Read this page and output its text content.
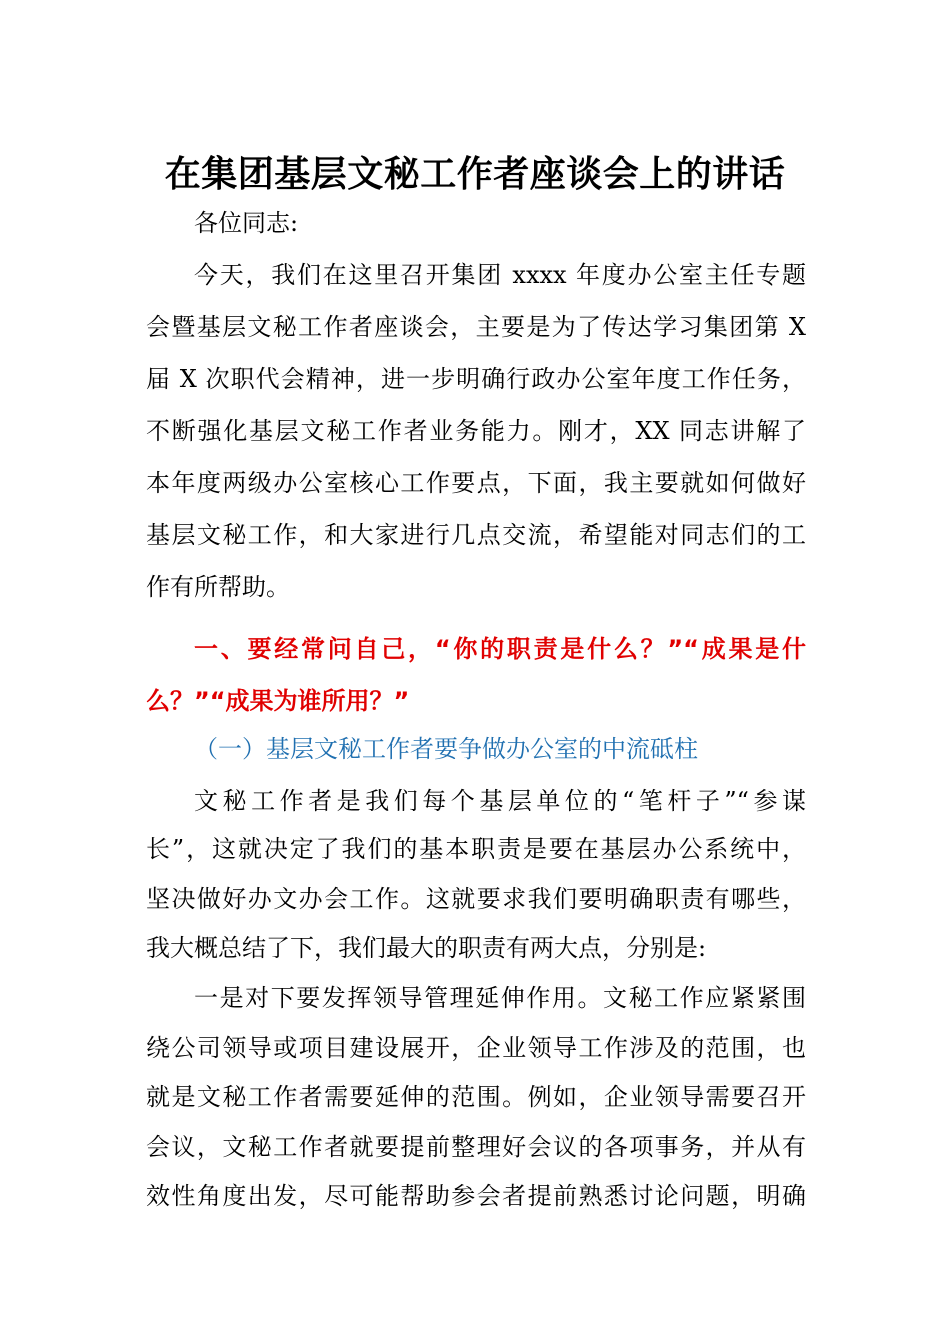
在集团基层文秘工作者座谈会上的讲话
各位同志:
今天，我们在这里召开集团 xxxx 年度办公室主任专题
会暨基层文秘工作者座谈会，主要是为了传达学习集团第 X
届 X 次职代会精神，进一步明确行政办公室年度工作任务，
不断强化基层文秘工作者业务能力。刚才，XX 同志讲解了
本年度两级办公室核心工作要点，下面，我主要就如何做好
基层文秘工作，和大家进行几点交流，希望能对同志们的工
作有所帮助。
一、要经常问自己，“你的职责是什么？”“成果是什
么？”“成果为谁所用？”
（一）基层文秘工作者要争做办公室的中流砥柱
文秘工作者是我们每个基层单位的“笔杆子”“参谋
长”，这就决定了我们的基本职责是要在基层办公系统中，
坚决做好办文办会工作。这就要求我们要明确职责有哪些，
我大概总结了下，我们最大的职责有两大点，分别是:
一是对下要发挥领导管理延伸作用。文秘工作应紧紧围
绕公司领导或项目建设展开，企业领导工作涉及的范围，也
就是文秘工作者需要延伸的范围。例如，企业领导需要召开
会议，文秘工作者就要提前整理好会议的各项事务，并从有
效性角度出发，尽可能帮助参会者提前熟悉讨论问题，明确
